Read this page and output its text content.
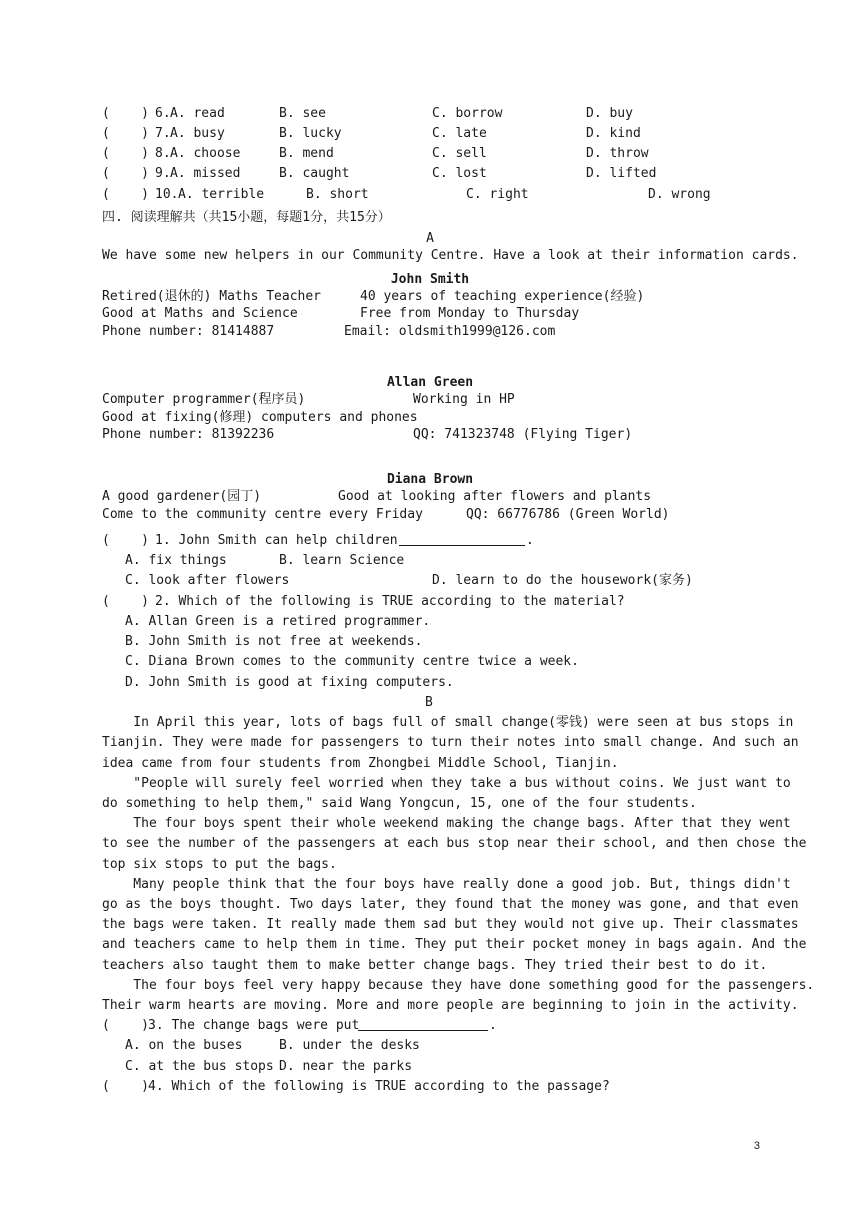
(    ) 6. A. read	B. see	C. borrow	D. buy
(    ) 7. A. busy	B. lucky	C. late	D. kind
(    ) 8. A. choose	B. mend	C. sell	D. throw
(    ) 9. A. missed	B. caught	C. lost	D. lifted
(    ) 10. A. terrible	B. short	C. right	D. wrong
四. 阅读理解共（共15小题，每题1分，共15分）
A
We have some new helpers in our Community Centre. Have a look at their information cards.
John Smith
Retired(退休的) Maths Teacher	40 years of teaching experience(经验)
Good at Maths and Science	Free from Monday to Thursday
Phone number: 81414887	Email: oldsmith1999@126.com
Allan Green
Computer programmer(程序员)	Working in HP
Good at fixing(修理) computers and phones
Phone number: 81392236	QQ: 741323748 (Flying Tiger)
Diana Brown
A good gardener(园丁)	Good at looking after flowers and plants
Come to the community centre every Friday	QQ: 66776786 (Green World)
(    ) 1. John Smith can help children	.
A. fix things	B. learn Science
C. look after flowers	D. learn to do the housework(家务)
(    ) 2. Which of the following is TRUE according to the material?
A. Allan Green is a retired programmer.
B. John Smith is not free at weekends.
C. Diana Brown comes to the community centre twice a week.
D. John Smith is good at fixing computers.
B
In April this year, lots of bags full of small change(零钱) were seen at bus stops in
Tianjin. They were made for passengers to turn their notes into small change. And such an
idea came from four students from Zhongbei Middle School, Tianjin.
"People will surely feel worried when they take a bus without coins. We just want to
do something to help them," said Wang Yongcun, 15, one of the four students.
The four boys spent their whole weekend making the change bags. After that they went
to see the number of the passengers at each bus stop near their school, and then chose the
top six stops to put the bags.
Many people think that the four boys have really done a good job. But, things didn't
go as the boys thought. Two days later, they found that the money was gone, and that even
the bags were taken. It really made them sad but they would not give up. Their classmates
and teachers came to help them in time. They put their pocket money in bags again. And the
teachers also taught them to make better change bags. They tried their best to do it.
The four boys feel very happy because they have done something good for the passengers.
Their warm hearts are moving. More and more people are beginning to join in the activity.
(    ) 3. The change bags were put	.
A. on the buses	B. under the desks
C. at the bus stops D. near the parks
(    ) 4. Which of the following is TRUE according to the passage?
3
